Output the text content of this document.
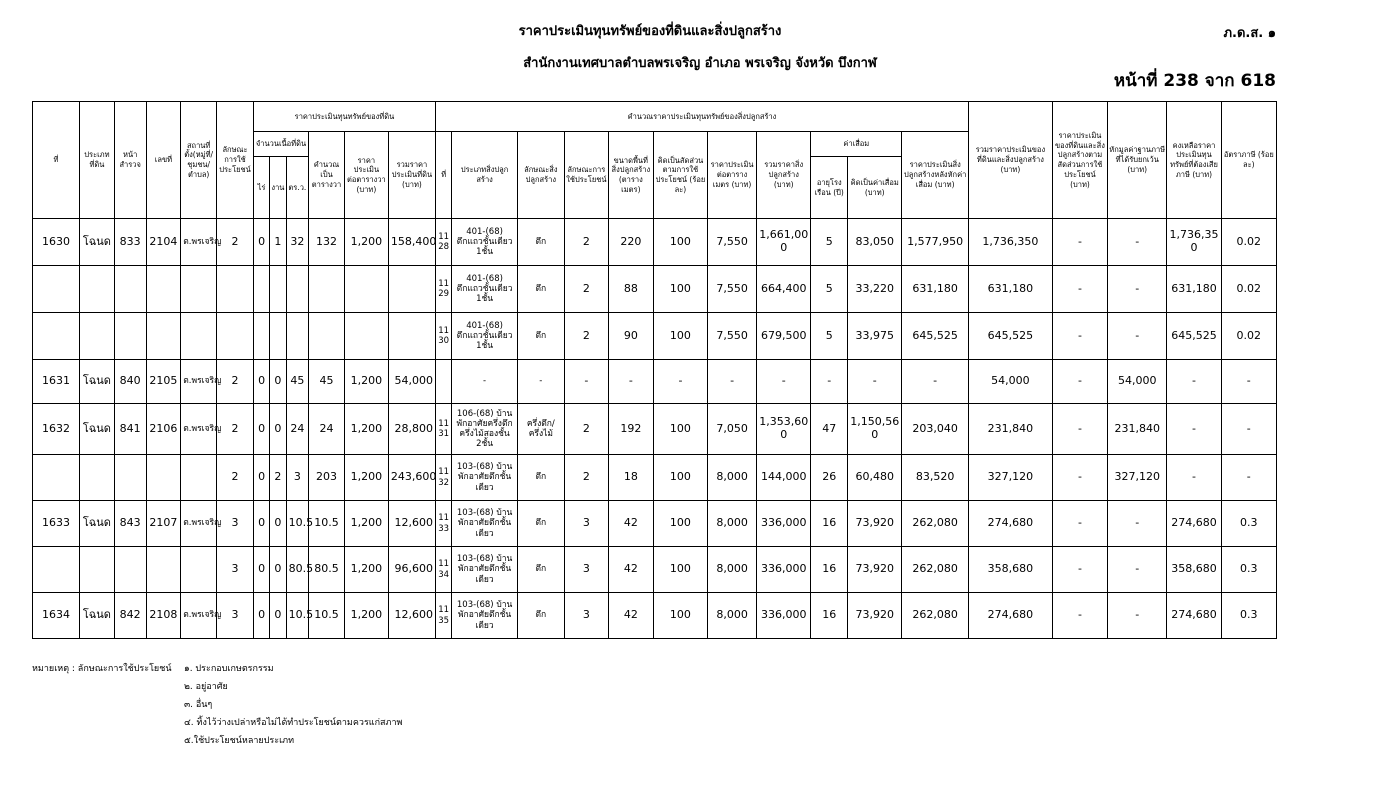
ราคาประเมินทุนทรัพย์ของที่ดินและสิ่งปลูกสร้าง
สำนักงานเทศบาลตำบลพรเจริญ อำเภอ พรเจริญ จังหวัด บึงกาฬ
ภ.ด.ส. ๑
หน้าที่ 238 จาก 618
ที่	ประเภทที่ดิน	หน้าสำรวจ	เลขที่	สถานที่ตั้ง(หมู่ที่/ชุมชน/ตำบล)	ลักษณะการใช้ประโยชน์	ราคาประเมินทุนทรัพย์ของที่ดิน						คำนวณราคาประเมินทุนทรัพย์ของสิ่งปลูกสร้าง											รวมราคาประเมินของที่ดินและสิ่งปลูกสร้าง (บาท)	ราคาประเมินของที่ดินและสิ่งปลูกสร้างตามสัดส่วนการใช้ประโยชน์ (บาท)	หักมูลค่าฐานภาษีที่ได้รับยกเว้น (บาท)	คงเหลือราคาประเมินทุนทรัพย์ที่ต้องเสียภาษี (บาท)	อัตราภาษี (ร้อยละ)
						จำนวนเนื้อที่ดิน			คำนวณเป็นตารางวา	ราคาประเมินต่อตารางวา (บาท)	รวมราคาประเมินที่ดิน (บาท)	ที่	ประเภทสิ่งปลูกสร้าง	ลักษณะสิ่งปลูกสร้าง	ลักษณะการใช้ประโยชน์	ขนาดพื้นที่สิ่งปลูกสร้าง (ตารางเมตร)	คิดเป็นสัดส่วนตามการใช้ประโยชน์ (ร้อยละ)	ราคาประเมินต่อตารางเมตร (บาท)	รวมราคาสิ่งปลูกสร้าง (บาท)	ค่าเสื่อม		ราคาประเมินสิ่งปลูกสร้างหลังหักค่าเสื่อม (บาท)					
						ไร่	งาน	ตร.ว.												อายุโรงเรือน (ปี)	คิดเป็นค่าเสื่อม (บาท)						
1630	โฉนด	833	2104	ต.พรเจริญ	2	0	1	32	132	1,200	158,400	1128	401-(68) ตึกแถวชั้นเดียว 1ชั้น	ตึก	2	220	100	7,550	1,661,000	5	83,050	1,577,950	1,736,350	-	-	1,736,350	0.02
												1129	401-(68) ตึกแถวชั้นเดียว 1ชั้น	ตึก	2	88	100	7,550	664,400	5	33,220	631,180	631,180	-	-	631,180	0.02
												1130	401-(68) ตึกแถวชั้นเดียว 1ชั้น	ตึก	2	90	100	7,550	679,500	5	33,975	645,525	645,525	-	-	645,525	0.02
1631	โฉนด	840	2105	ต.พรเจริญ	2	0	0	45	45	1,200	54,000		-	-	-	-	-	-	-	-	-	-	54,000	-	54,000	-	-
1632	โฉนด	841	2106	ต.พรเจริญ	2	0	0	24	24	1,200	28,800	1131	106-(68) บ้านพักอาศัยครึ่งตึกครึ่งไม้สองชั้น 2ชั้น	ครึ่งตึก/ครึ่งไม้	2	192	100	7,050	1,353,600	47	1,150,560	203,040	231,840	-	231,840	-	-
					2	0	2	3	203	1,200	243,600	1132	103-(68) บ้านพักอาศัยตึกชั้นเดียว	ตึก	2	18	100	8,000	144,000	26	60,480	83,520	327,120	-	327,120	-	-
1633	โฉนด	843	2107	ต.พรเจริญ	3	0	0	10.5	10.5	1,200	12,600	1133	103-(68) บ้านพักอาศัยตึกชั้นเดียว	ตึก	3	42	100	8,000	336,000	16	73,920	262,080	274,680	-	-	274,680	0.3
					3	0	0	80.5	80.5	1,200	96,600	1134	103-(68) บ้านพักอาศัยตึกชั้นเดียว	ตึก	3	42	100	8,000	336,000	16	73,920	262,080	358,680	-	-	358,680	0.3
1634	โฉนด	842	2108	ต.พรเจริญ	3	0	0	10.5	10.5	1,200	12,600	1135	103-(68) บ้านพักอาศัยตึกชั้นเดียว	ตึก	3	42	100	8,000	336,000	16	73,920	262,080	274,680	-	-	274,680	0.3
หมายเหตุ : ลักษณะการใช้ประโยชน์ ๑. ประกอบเกษตรกรรม
๒. อยู่อาศัย
๓. อื่นๆ
๔. ทิ้งไว้ว่างเปล่าหรือไม่ได้ทำประโยชน์ตามควรแก่สภาพ
๕.ใช้ประโยชน์หลายประเภท
